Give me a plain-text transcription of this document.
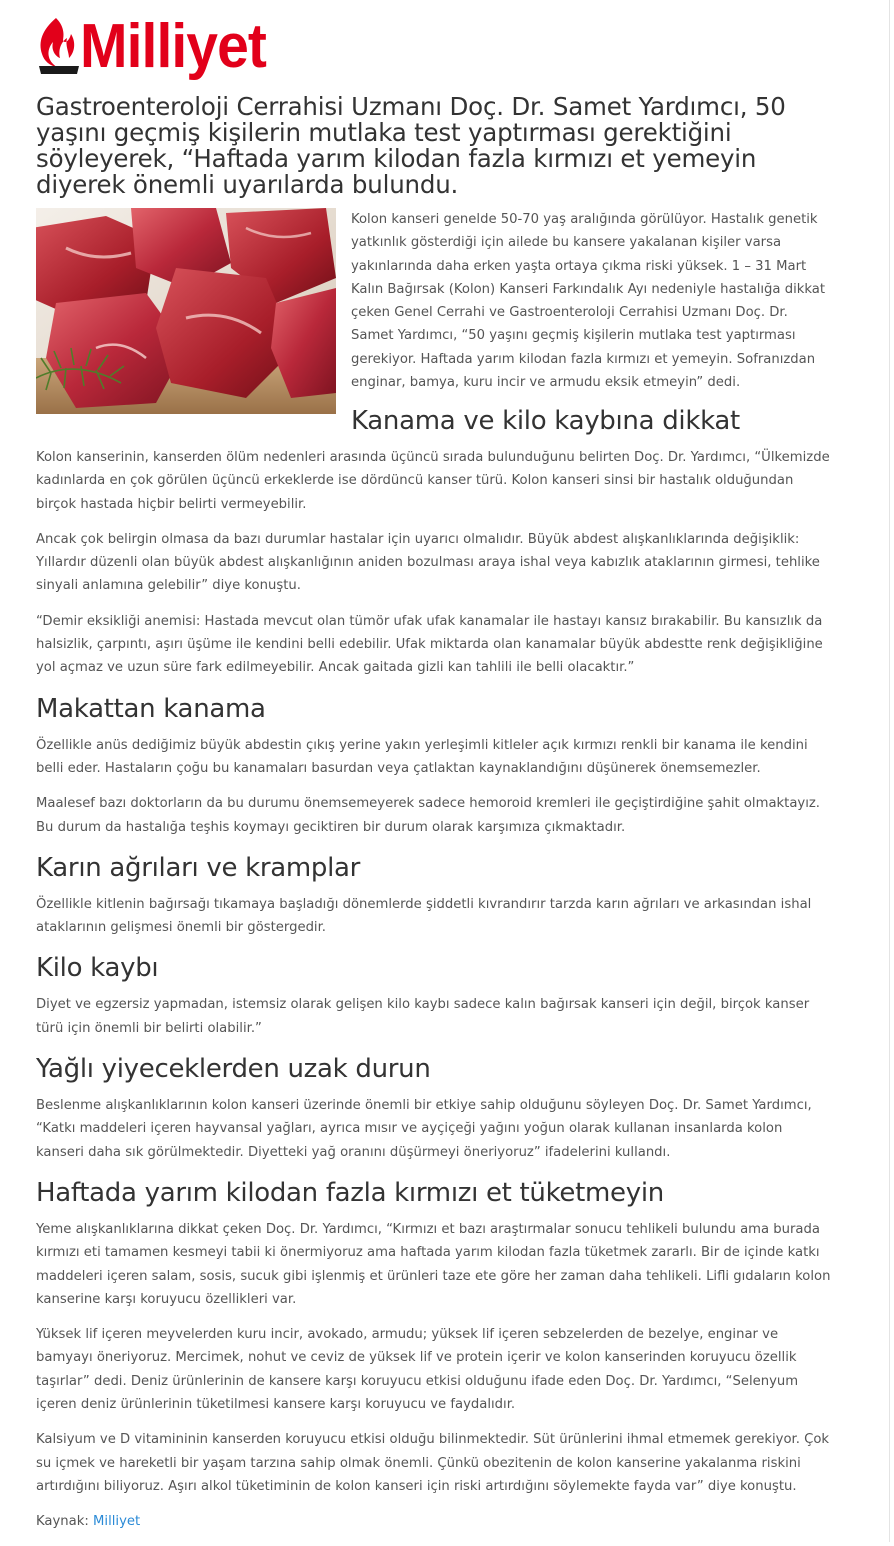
Milliyet
Gastroenteroloji Cerrahisi Uzmanı Doç. Dr. Samet Yardımcı, 50 yaşını geçmiş kişilerin mutlaka test yaptırması gerektiğini söyleyerek, “Haftada yarım kilodan fazla kırmızı et yemeyin diyerek önemli uyarılarda bulundu.

Kolon kanseri genelde 50-70 yaş aralığında görülüyor. Hastalık genetik yatkınlık gösterdiği için ailede bu kansere yakalanan kişiler varsa yakınlarında daha erken yaşta ortaya çıkma riski yüksek. 1 – 31 Mart Kalın Bağırsak (Kolon) Kanseri Farkındalık Ayı nedeniyle hastalığa dikkat çeken Genel Cerrahi ve Gastroenteroloji Cerrahisi Uzmanı Doç. Dr. Samet Yardımcı, “50 yaşını geçmiş kişilerin mutlaka test yaptırması gerekiyor. Haftada yarım kilodan fazla kırmızı et yemeyin. Sofranızdan enginar, bamya, kuru incir ve armudu eksik etmeyin” dedi.

Kanama ve kilo kaybına dikkat

Kolon kanserinin, kanserden ölüm nedenleri arasında üçüncü sırada bulunduğunu belirten Doç. Dr. Yardımcı, “Ülkemizde kadınlarda en çok görülen üçüncü erkeklerde ise dördüncü kanser türü. Kolon kanseri sinsi bir hastalık olduğundan birçok hastada hiçbir belirti vermeyebilir.

Ancak çok belirgin olmasa da bazı durumlar hastalar için uyarıcı olmalıdır. Büyük abdest alışkanlıklarında değişiklik: Yıllardır düzenli olan büyük abdest alışkanlığının aniden bozulması araya ishal veya kabızlık ataklarının girmesi, tehlike sinyali anlamına gelebilir” diye konuştu.

“Demir eksikliği anemisi: Hastada mevcut olan tümör ufak ufak kanamalar ile hastayı kansız bırakabilir. Bu kansızlık da halsizlik, çarpıntı, aşırı üşüme ile kendini belli edebilir. Ufak miktarda olan kanamalar büyük abdestte renk değişikliğine yol açmaz ve uzun süre fark edilmeyebilir. Ancak gaitada gizli kan tahlili ile belli olacaktır.”

Makattan kanama

Özellikle anüs dediğimiz büyük abdestin çıkış yerine yakın yerleşimli kitleler açık kırmızı renkli bir kanama ile kendini belli eder. Hastaların çoğu bu kanamaları basurdan veya çatlaktan kaynaklandığını düşünerek önemsemezler.

Maalesef bazı doktorların da bu durumu önemsemeyerek sadece hemoroid kremleri ile geçiştirdiğine şahit olmaktayız. Bu durum da hastalığa teşhis koymayı geciktiren bir durum olarak karşımıza çıkmaktadır.

Karın ağrıları ve kramplar

Özellikle kitlenin bağırsağı tıkamaya başladığı dönemlerde şiddetli kıvrandırır tarzda karın ağrıları ve arkasından ishal ataklarının gelişmesi önemli bir göstergedir.

Kilo kaybı

Diyet ve egzersiz yapmadan, istemsiz olarak gelişen kilo kaybı sadece kalın bağırsak kanseri için değil, birçok kanser türü için önemli bir belirti olabilir.”

Yağlı yiyeceklerden uzak durun

Beslenme alışkanlıklarının kolon kanseri üzerinde önemli bir etkiye sahip olduğunu söyleyen Doç. Dr. Samet Yardımcı, “Katkı maddeleri içeren hayvansal yağları, ayrıca mısır ve ayçiçeği yağını yoğun olarak kullanan insanlarda kolon kanseri daha sık görülmektedir. Diyetteki yağ oranını düşürmeyi öneriyoruz” ifadelerini kullandı.

Haftada yarım kilodan fazla kırmızı et tüketmeyin

Yeme alışkanlıklarına dikkat çeken Doç. Dr. Yardımcı, “Kırmızı et bazı araştırmalar sonucu tehlikeli bulundu ama burada kırmızı eti tamamen kesmeyi tabii ki önermiyoruz ama haftada yarım kilodan fazla tüketmek zararlı. Bir de içinde katkı maddeleri içeren salam, sosis, sucuk gibi işlenmiş et ürünleri taze ete göre her zaman daha tehlikeli. Lifli gıdaların kolon kanserine karşı koruyucu özellikleri var.

Yüksek lif içeren meyvelerden kuru incir, avokado, armudu; yüksek lif içeren sebzelerden de bezelye, enginar ve bamyayı öneriyoruz. Mercimek, nohut ve ceviz de yüksek lif ve protein içerir ve kolon kanserinden koruyucu özellik taşırlar” dedi. Deniz ürünlerinin de kansere karşı koruyucu etkisi olduğunu ifade eden Doç. Dr. Yardımcı, “Selenyum içeren deniz ürünlerinin tüketilmesi kansere karşı koruyucu ve faydalıdır.

Kalsiyum ve D vitamininin kanserden koruyucu etkisi olduğu bilinmektedir. Süt ürünlerini ihmal etmemek gerekiyor. Çok su içmek ve hareketli bir yaşam tarzına sahip olmak önemli. Çünkü obezitenin de kolon kanserine yakalanma riskini artırdığını biliyoruz. Aşırı alkol tüketiminin de kolon kanseri için riski artırdığını söylemekte fayda var” diye konuştu.

Kaynak: Milliyet
